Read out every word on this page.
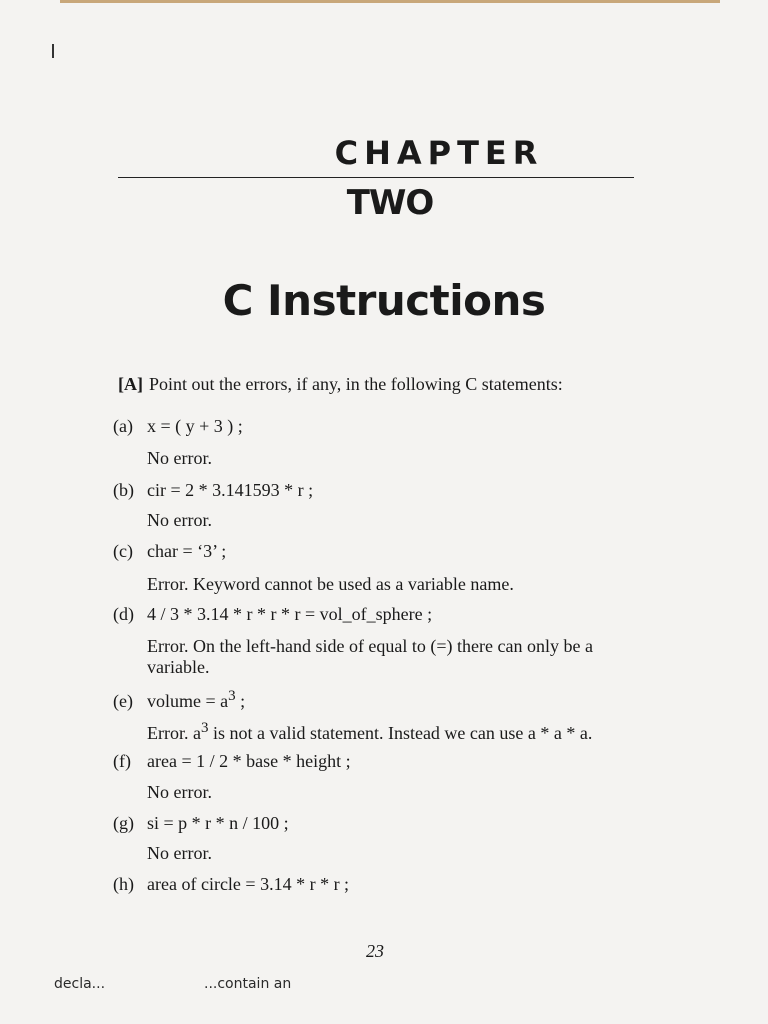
CHAPTER
TWO
C Instructions
[A] Point out the errors, if any, in the following C statements:
(a) x = ( y + 3 ) ;
No error.
(b) cir = 2 * 3.141593 * r ;
No error.
(c) char = ‘3’ ;
Error. Keyword cannot be used as a variable name.
(d) 4 / 3 * 3.14 * r * r * r = vol_of_sphere ;
Error. On the left-hand side of equal to (=) there can only be a variable.
(e) volume = $a^3$ ;
Error. $a^3$ is not a valid statement. Instead we can use a * a * a.
(f) area = 1 / 2 * base * height ;
No error.
(g) si = p * r * n / 100 ;
No error.
(h) area of circle = 3.14 * r * r ;
23
decla...	...contain an
